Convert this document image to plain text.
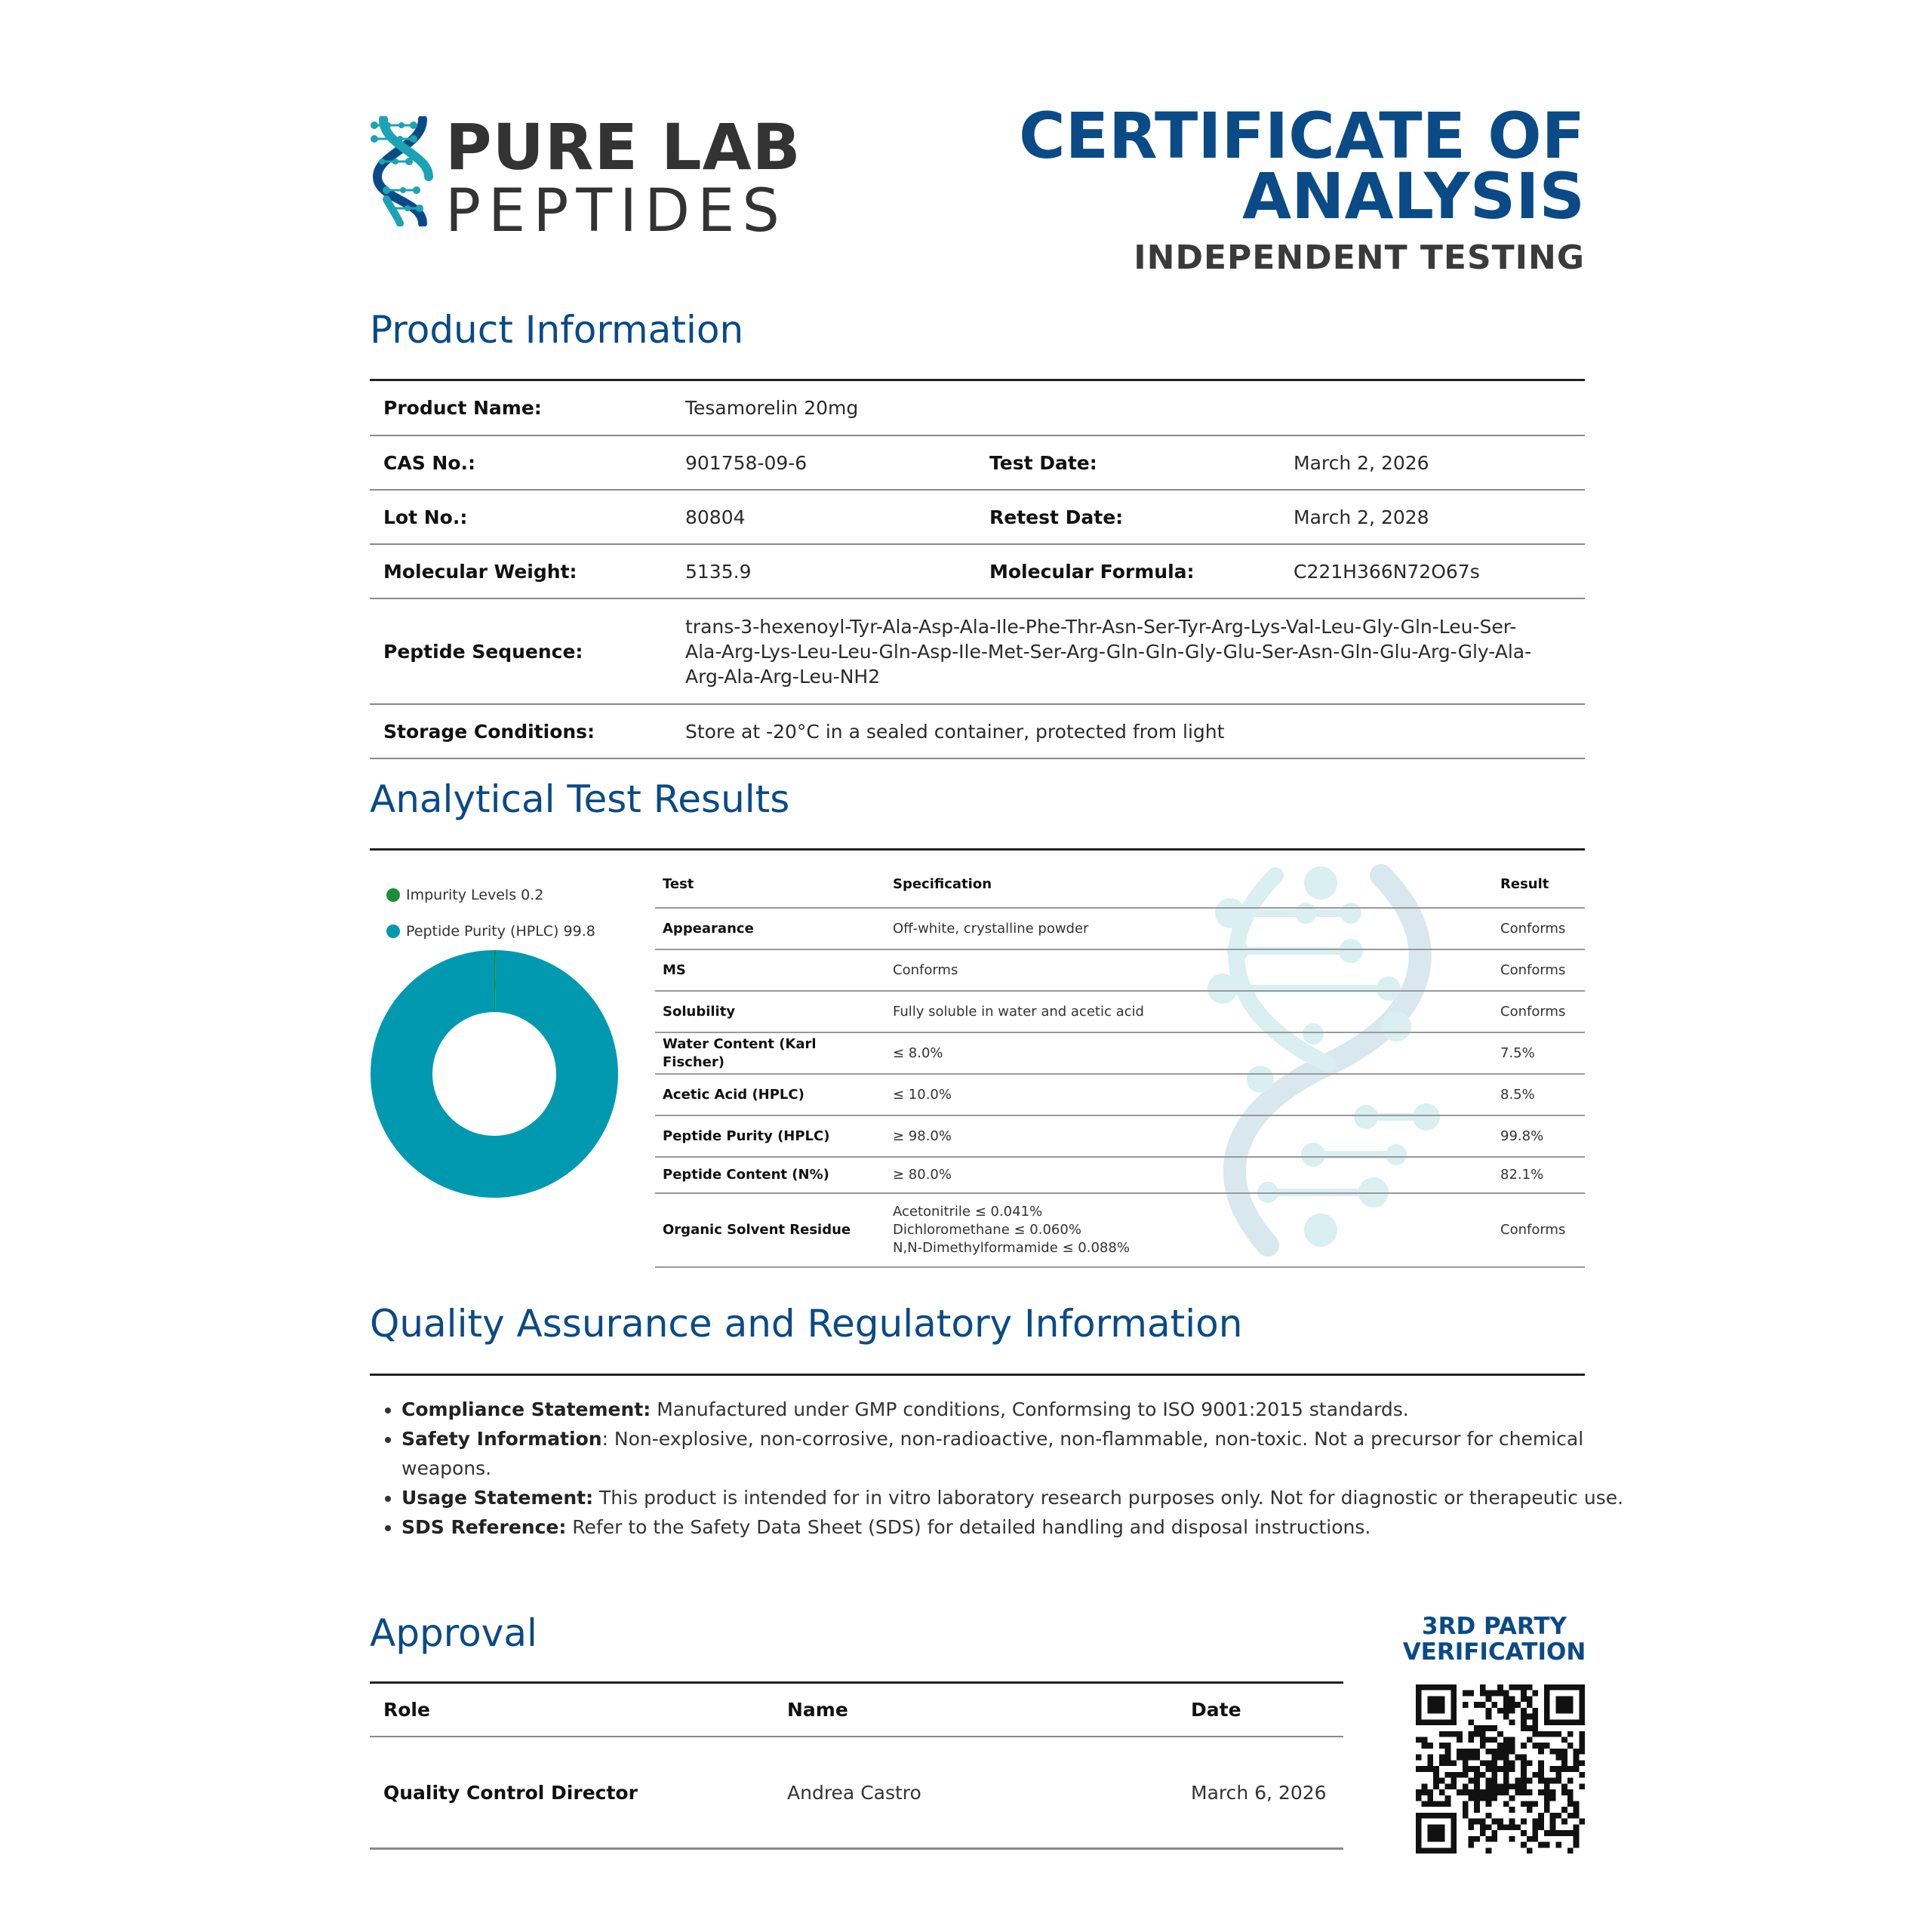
PURE LAB
PEPTIDES
CERTIFICATE OF
ANALYSIS
INDEPENDENT TESTING
Product Information
Product Name:	Tesamorelin 20mg		
CAS No.:	901758-09-6	Test Date:	March 2, 2026
Lot No.:	80804	Retest Date:	March 2, 2028
Molecular Weight:	5135.9	Molecular Formula:	C221H366N72O67s
Peptide Sequence:	trans-3-hexenoyl-Tyr-Ala-Asp-Ala-Ile-Phe-Thr-Asn-Ser-Tyr-Arg-Lys-Val-Leu-Gly-Gln-Leu-Ser-
Ala-Arg-Lys-Leu-Leu-Gln-Asp-Ile-Met-Ser-Arg-Gln-Gln-Gly-Glu-Ser-Asn-Gln-Glu-Arg-Gly-Ala-
Arg-Ala-Arg-Leu-NH2		

Storage Conditions:	Store at -20°C in a sealed container, protected from light		
Analytical Test Results
Impurity Levels
0.2
Peptide Purity (HPLC)
99.8
Test	Specification	Result
Appearance	Off-white, crystalline powder	Conforms
MS	Conforms	Conforms
Solubility	Fully soluble in water and acetic acid	Conforms
Water Content (Karl Fischer)	≤ 8.0%	7.5%
Acetic Acid (HPLC)	≤ 10.0%	8.5%
Peptide Purity (HPLC)	≥ 98.0%	99.8%
Peptide Content (N%)	≥ 80.0%	82.1%
Organic Solvent Residue	Acetonitrile ≤ 0.041%
Dichloromethane ≤ 0.060%
N,N-Dimethylformamide ≤ 0.088%	Conforms
Quality Assurance and Regulatory Information
• Compliance Statement: Manufactured under GMP conditions, Conformsing to ISO 9001:2015 standards.
• Safety Information: Non-explosive, non-corrosive, non-radioactive, non-flammable, non-toxic. Not a precursor for chemical weapons.
• Usage Statement: This product is intended for in vitro laboratory research purposes only. Not for diagnostic or therapeutic use.
• SDS Reference: Refer to the Safety Data Sheet (SDS) for detailed handling and disposal instructions.
Approval
Role	Name	Date
Quality Control Director	Andrea Castro	March 6, 2026
3RD PARTY
VERIFICATION
